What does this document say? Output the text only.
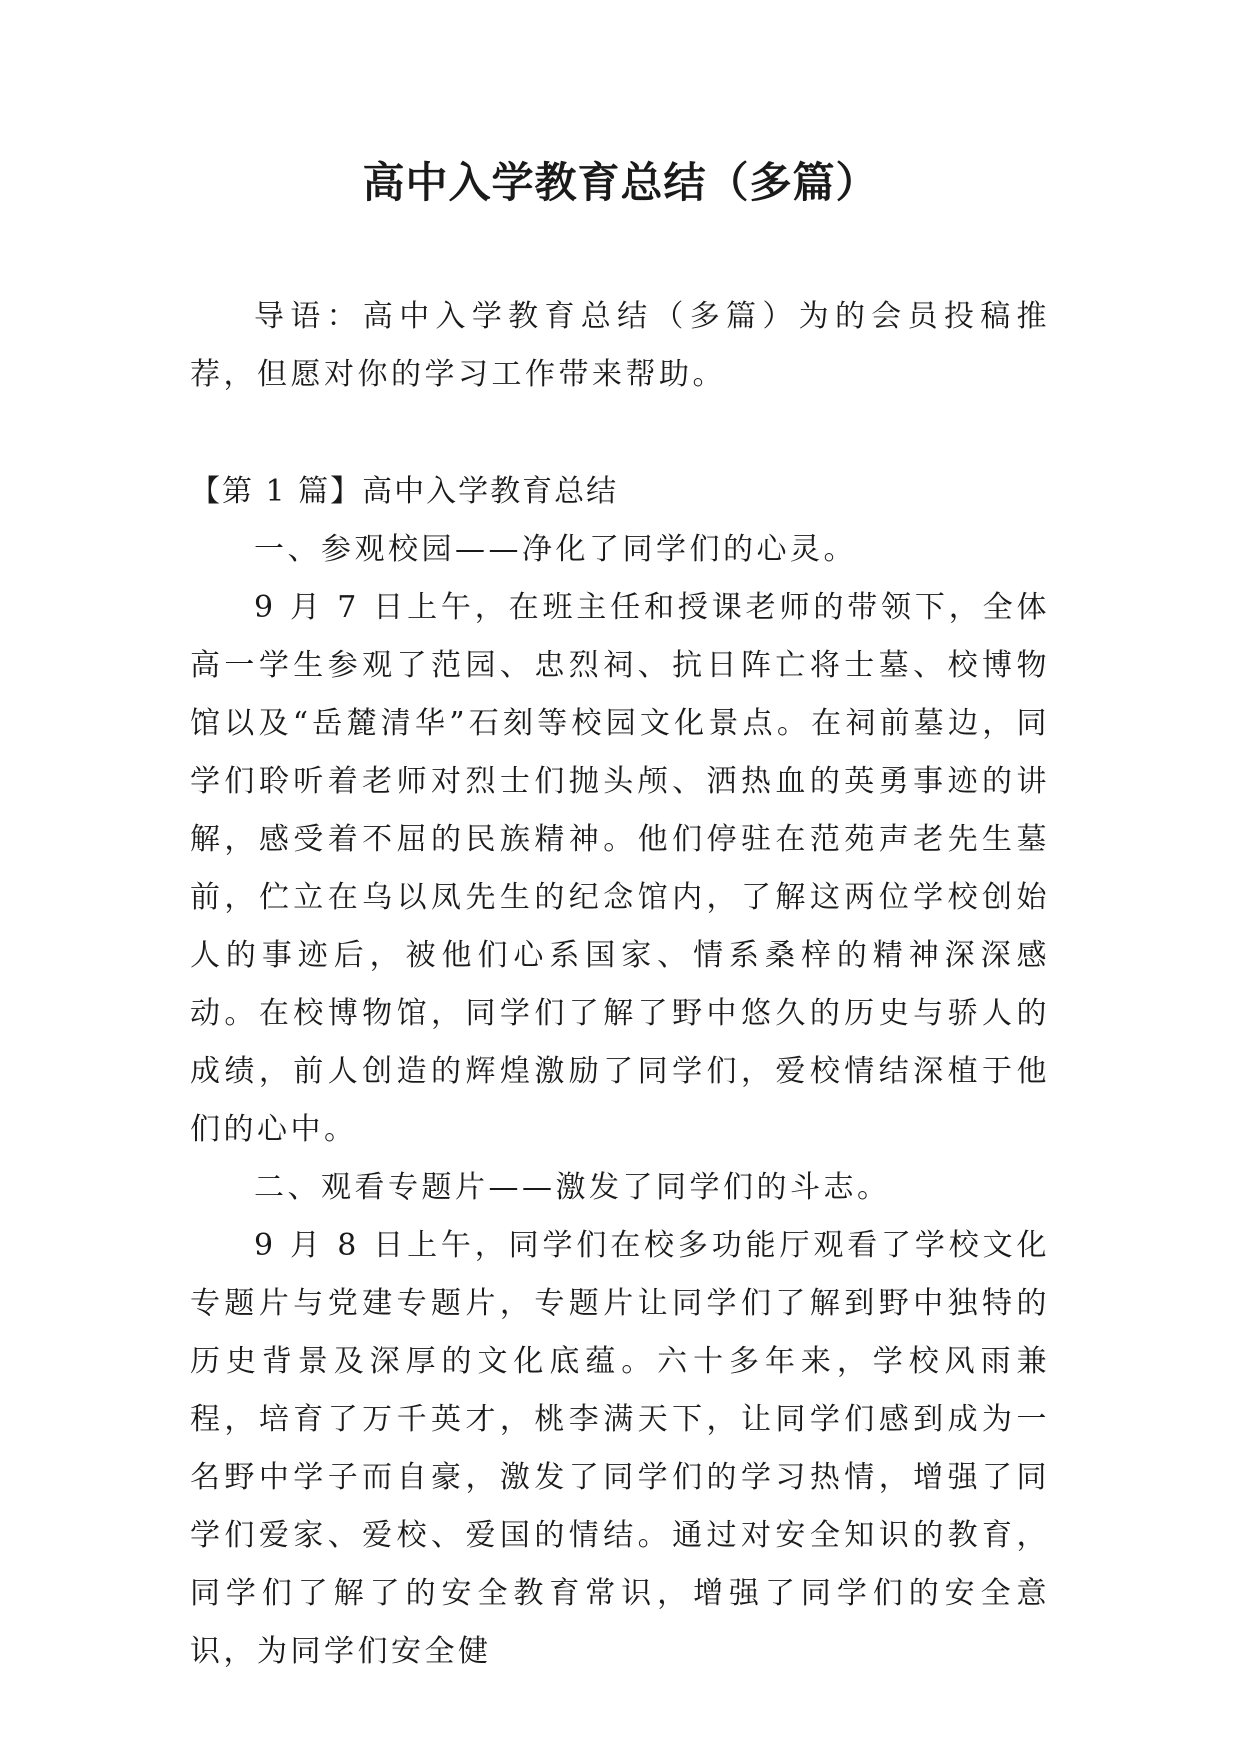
高中入学教育总结（多篇）

导语：高中入学教育总结（多篇）为的会员投稿推荐，但愿对你的学习工作带来帮助。

【第 1 篇】高中入学教育总结

一、参观校园——净化了同学们的心灵。

9 月 7 日上午，在班主任和授课老师的带领下，全体高一学生参观了范园、忠烈祠、抗日阵亡将士墓、校博物馆以及“岳麓清华”石刻等校园文化景点。在祠前墓边，同学们聆听着老师对烈士们抛头颅、洒热血的英勇事迹的讲解，感受着不屈的民族精神。他们停驻在范苑声老先生墓前，伫立在乌以凤先生的纪念馆内，了解这两位学校创始人的事迹后，被他们心系国家、情系桑梓的精神深深感动。在校博物馆，同学们了解了野中悠久的历史与骄人的成绩，前人创造的辉煌激励了同学们，爱校情结深植于他们的心中。

二、观看专题片——激发了同学们的斗志。

9 月 8 日上午，同学们在校多功能厅观看了学校文化专题片与党建专题片，专题片让同学们了解到野中独特的历史背景及深厚的文化底蕴。六十多年来，学校风雨兼程，培育了万千英才，桃李满天下，让同学们感到成为一名野中学子而自豪，激发了同学们的学习热情，增强了同学们爱家、爱校、爱国的情结。通过对安全知识的教育，同学们了解了的安全教育常识，增强了同学们的安全意识，为同学们安全健
